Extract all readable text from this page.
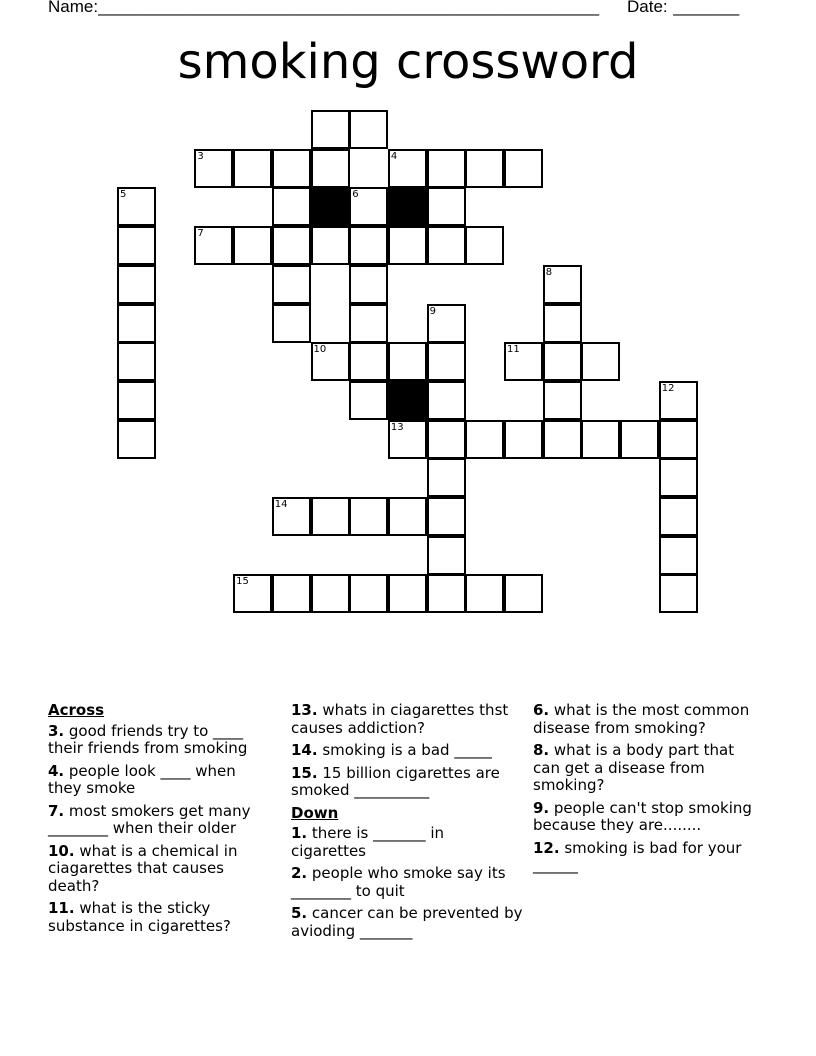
Name:
_____________________________________________________	Date: _______
smoking crossword
3	4
5	6
7
8
9
10	11
12
13
14
15
Across
3. good friends try to ____ their friends from smoking
4. people look ____ when they smoke
7. most smokers get many ________ when their older
10. what is a chemical in ciagarettes that causes death?
11. what is the sticky substance in cigarettes?
13. whats in ciagarettes thst causes addiction?
14. smoking is a bad _____
15. 15 billion cigarettes are smoked __________
Down
1. there is _______ in cigarettes
2. people who smoke say its ________ to quit
5. cancer can be prevented by avioding _______
6. what is the most common disease from smoking?
8. what is a body part that can get a disease from smoking?
9. people can't stop smoking because they are........
12. smoking is bad for your ______
